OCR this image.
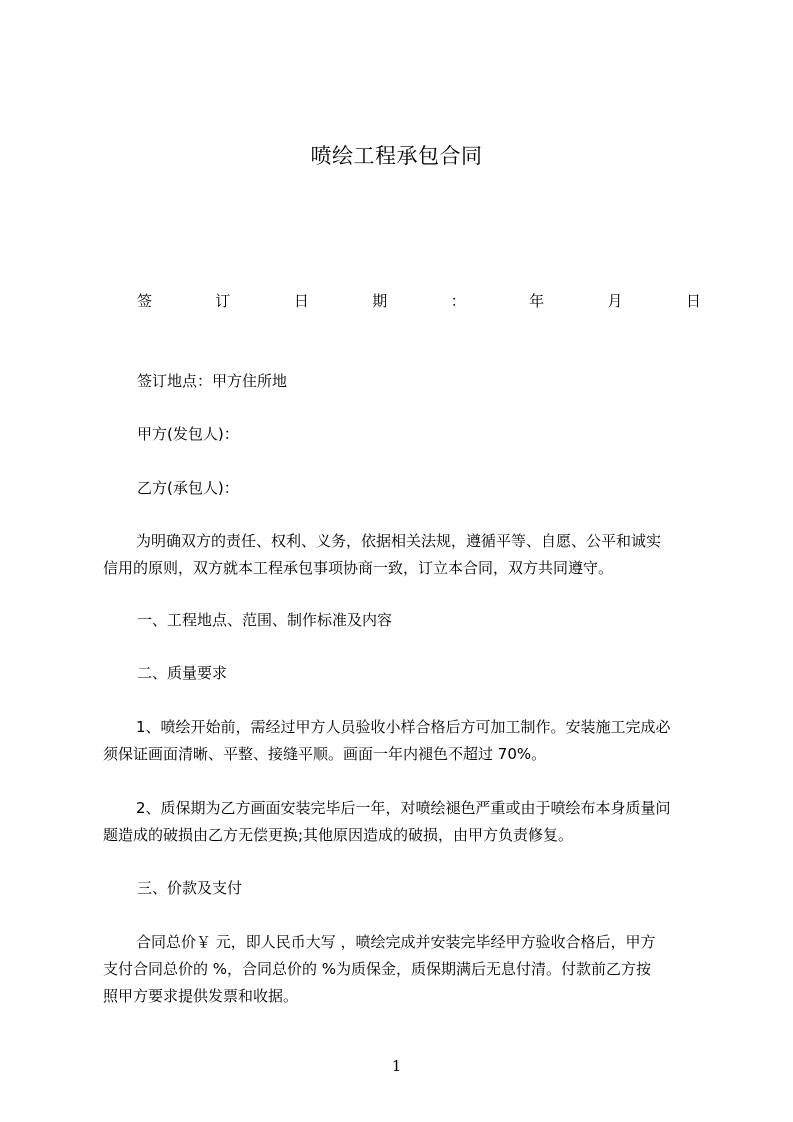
喷绘工程承包合同
签	订	日	期	：	年	月	日
签订地点：甲方住所地
甲方(发包人)：
乙方(承包人)：

为明确双方的责任、权利、义务，依据相关法规，遵循平等、自愿、公平和诚实
信用的原则，双方就本工程承包事项协商一致，订立本合同，双方共同遵守。

一、工程地点、范围、制作标准及内容
二、质量要求

1、喷绘开始前，需经过甲方人员验收小样合格后方可加工制作。安装施工完成必
须保证画面清晰、平整、接缝平顺。画面一年内褪色不超过 70%。

2、质保期为乙方画面安装完毕后一年，对喷绘褪色严重或由于喷绘布本身质量问
题造成的破损由乙方无偿更换;其他原因造成的破损，由甲方负责修复。

三、价款及支付

合同总价￥ 元，即人民币大写 ，喷绘完成并安装完毕经甲方验收合格后，甲方
支付合同总价的 %，合同总价的 %为质保金，质保期满后无息付清。付款前乙方按
照甲方要求提供发票和收据。

1
